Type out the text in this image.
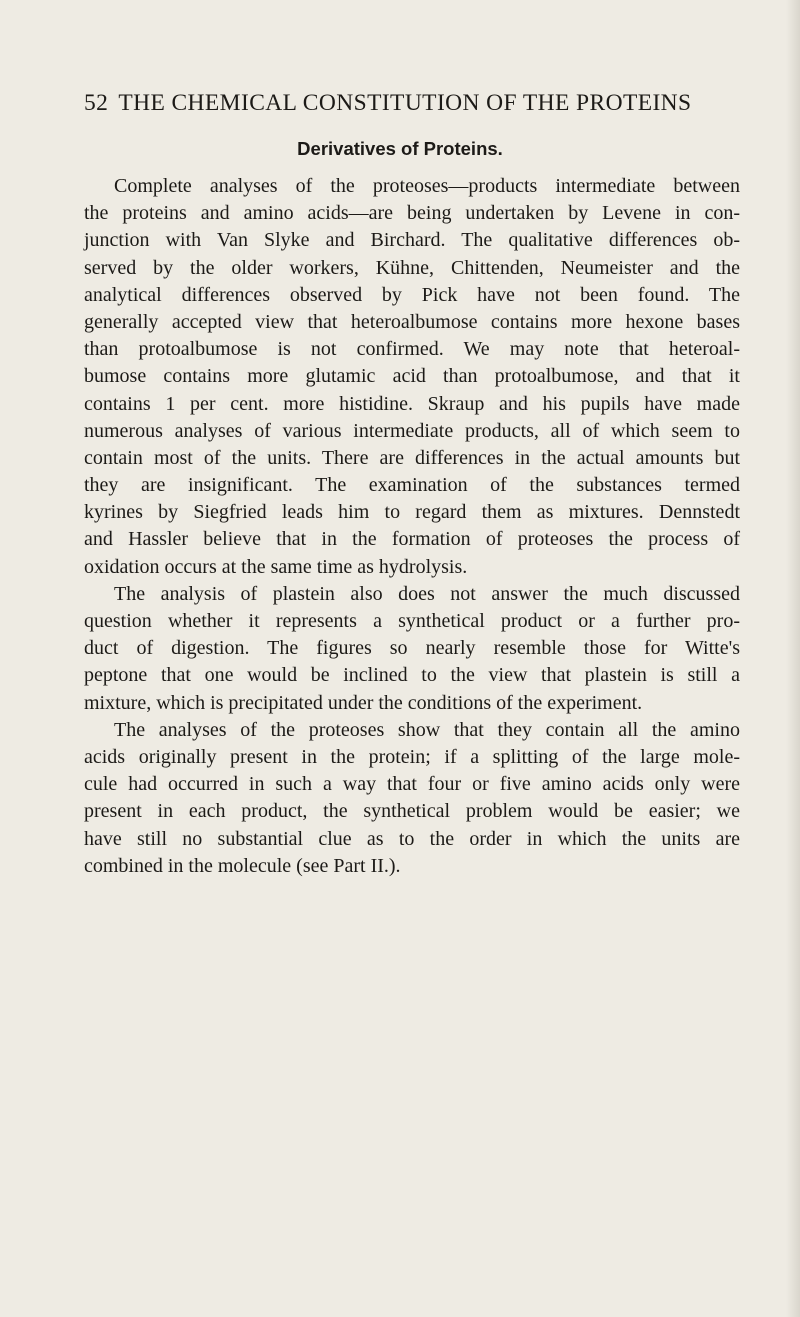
52 THE CHEMICAL CONSTITUTION OF THE PROTEINS
Derivatives of Proteins.
Complete analyses of the proteoses—products intermediate between
the proteins and amino acids—are being undertaken by Levene in con-
junction with Van Slyke and Birchard. The qualitative differences ob-
served by the older workers, Kühne, Chittenden, Neumeister and the
analytical differences observed by Pick have not been found. The
generally accepted view that heteroalbumose contains more hexone bases
than protoalbumose is not confirmed. We may note that heteroal-
bumose contains more glutamic acid than protoalbumose, and that it
contains 1 per cent. more histidine. Skraup and his pupils have made
numerous analyses of various intermediate products, all of which seem to
contain most of the units. There are differences in the actual amounts but
they are insignificant. The examination of the substances termed
kyrines by Siegfried leads him to regard them as mixtures. Dennstedt
and Hassler believe that in the formation of proteoses the process of
oxidation occurs at the same time as hydrolysis.
The analysis of plastein also does not answer the much discussed
question whether it represents a synthetical product or a further pro-
duct of digestion. The figures so nearly resemble those for Witte's
peptone that one would be inclined to the view that plastein is still a
mixture, which is precipitated under the conditions of the experiment.
The analyses of the proteoses show that they contain all the amino
acids originally present in the protein; if a splitting of the large mole-
cule had occurred in such a way that four or five amino acids only were
present in each product, the synthetical problem would be easier; we
have still no substantial clue as to the order in which the units are
combined in the molecule (see Part II.).
